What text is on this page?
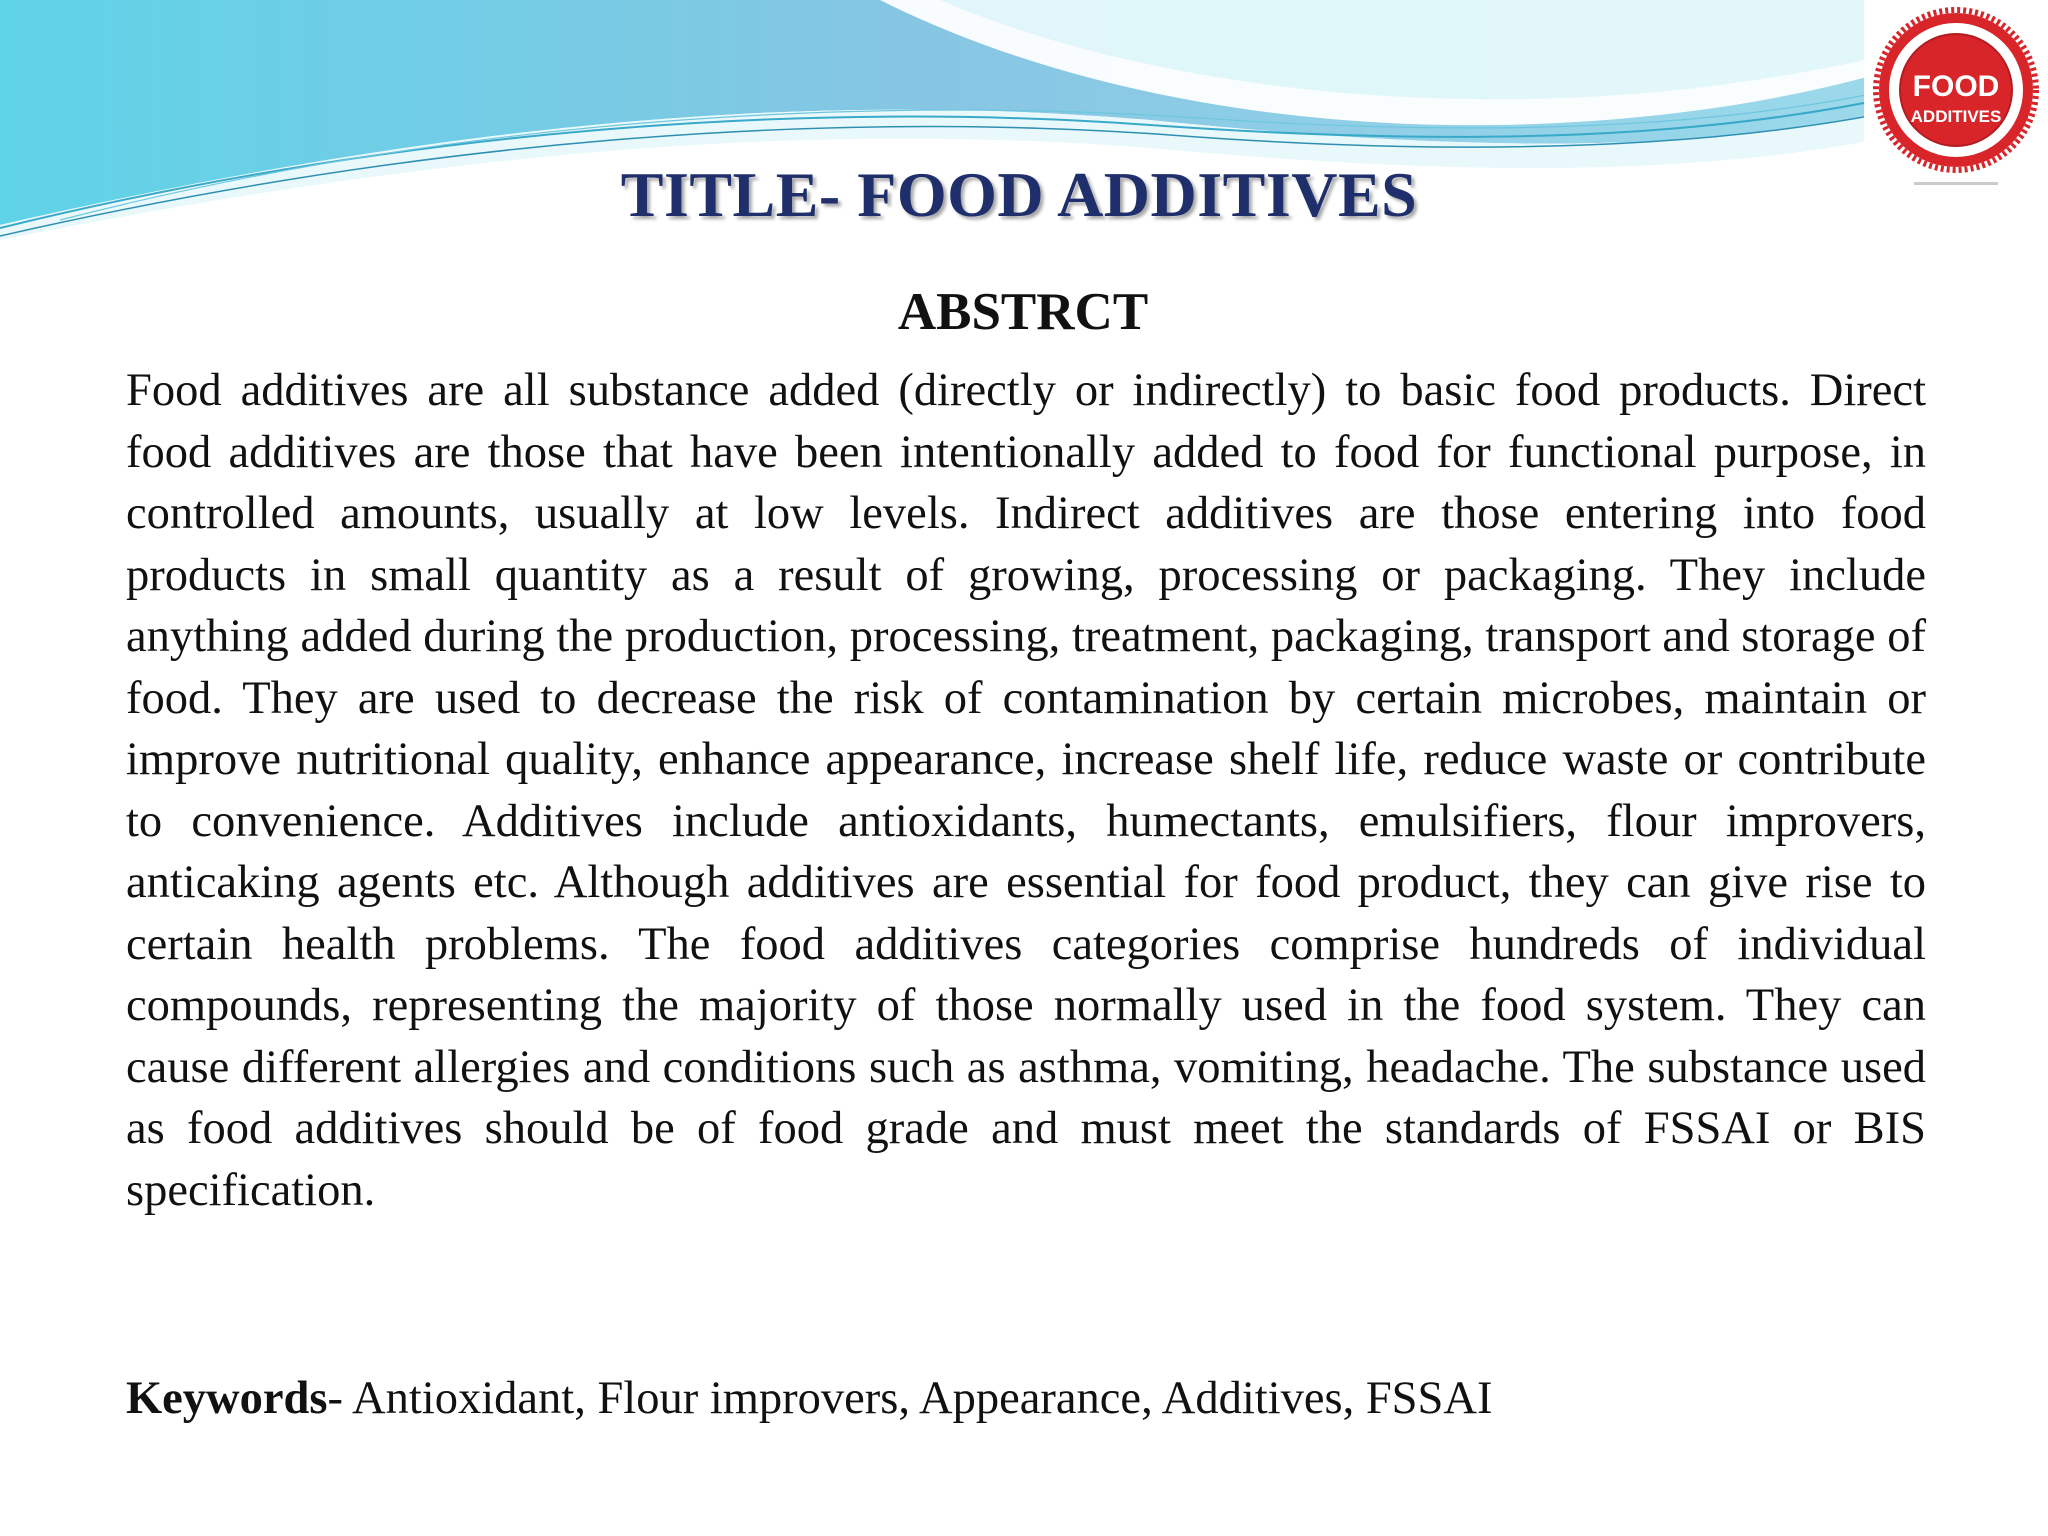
FOOD
ADDITIVES
TITLE- FOOD ADDITIVES
ABSTRCT

Food additives are all substance added (directly or indirectly) to basic food products. Direct food additives are those that have been intentionally added to food for functional purpose, in controlled amounts, usually at low levels. Indirect additives are those entering into food products in small quantity as a result of growing, processing or packaging. They include anything added during the production, processing, treatment, packaging, transport and storage of food. They are used to decrease the risk of contamination by certain microbes, maintain or improve nutritional quality, enhance appearance, increase shelf life, reduce waste or contribute to convenience. Additives include antioxidants, humectants, emulsifiers, flour improvers, anticaking agents etc. Although additives are essential for food product, they can give rise to certain health problems. The food additives categories comprise hundreds of individual compounds, representing the majority of those normally used in the food system. They can cause different allergies and conditions such as asthma, vomiting, headache. The substance used as food additives should be of food grade and must meet the standards of FSSAI or BIS specification.

Keywords- Antioxidant, Flour improvers, Appearance, Additives, FSSAI
